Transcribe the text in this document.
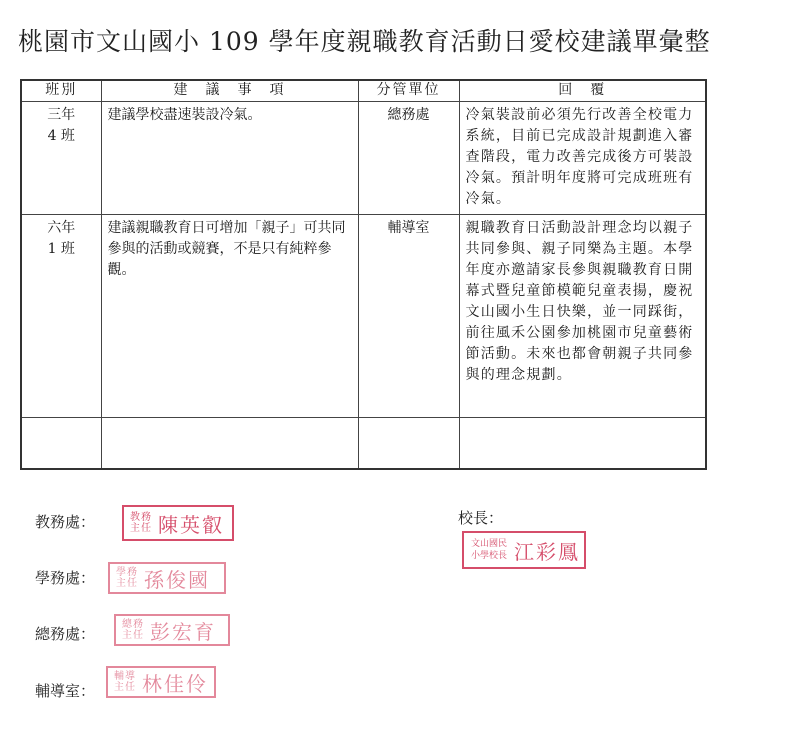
桃園市文山國小 109 學年度親職教育活動日愛校建議單彙整
班別	建　議　事　項	分管單位	回　覆
三年
4 班	建議學校盡速裝設冷氣。	總務處	冷氣裝設前必須先行改善全校電力系統，目前已完成設計規劃進入審查階段，電力改善完成後方可裝設冷氣。預計明年度將可完成班班有冷氣。
六年
1 班	建議親職教育日可增加「親子」可共同參與的活動或競賽，不是只有純粹參觀。	輔導室	親職教育日活動設計理念均以親子共同參與、親子同樂為主題。本學年度亦邀請家長參與親職教育日開幕式暨兒童節模範兒童表揚，慶祝文山國小生日快樂，並一同踩街，前往風禾公園參加桃園市兒童藝術節活動。未來也都會朝親子共同參與的理念規劃。

教務處：	教務主任 陳英叡
學務處： 學務主任 孫俊國
總務處：
總務主任 彭宏育
輔導室：
輔導主任 林佳伶
校長：
文山國民小學校長 江彩鳳
